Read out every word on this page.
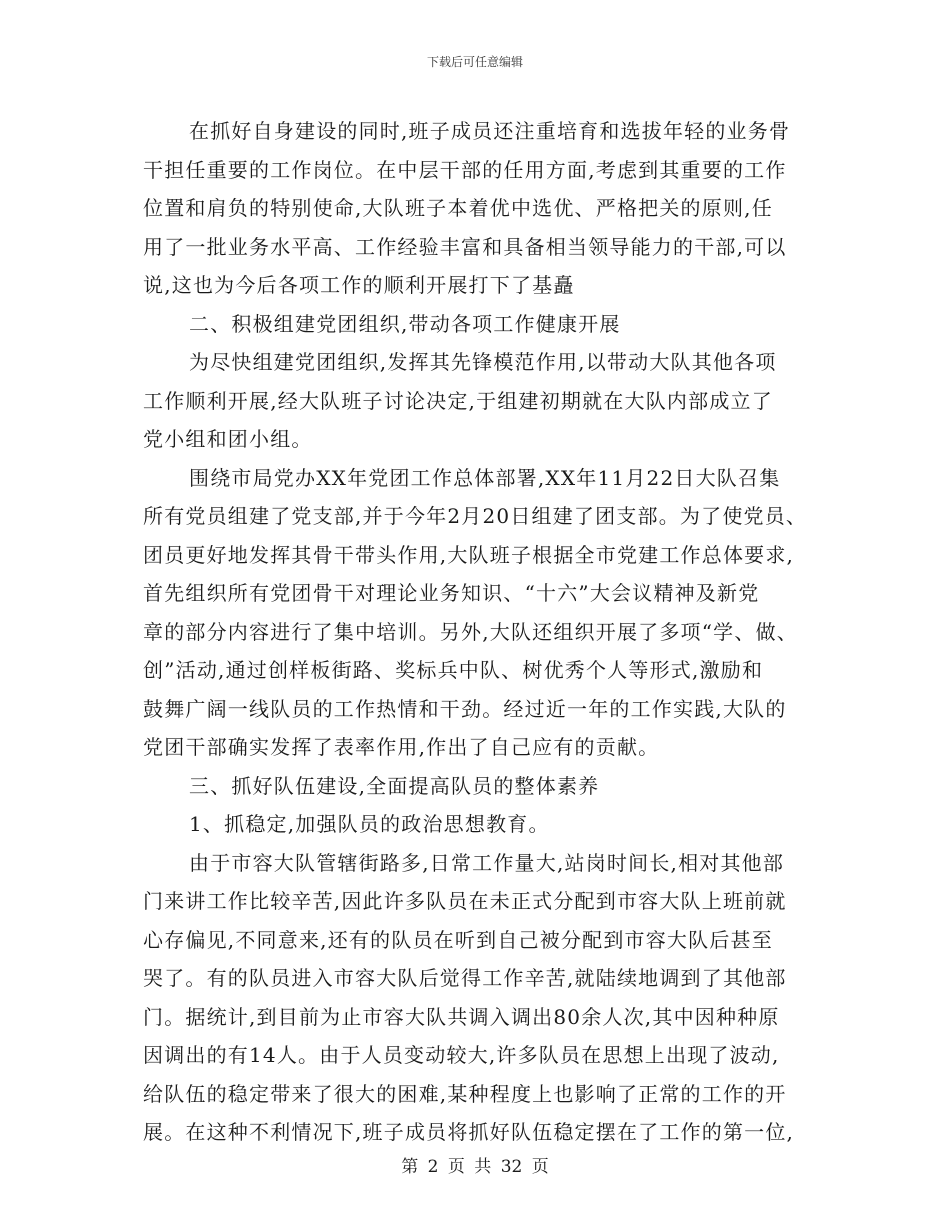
下载后可任意编辑
在抓好自身建设的同时,班子成员还注重培育和选拔年轻的业务骨
干担任重要的工作岗位。在中层干部的任用方面,考虑到其重要的工作
位置和肩负的特别使命,大队班子本着优中选优、严格把关的原则,任
用了一批业务水平高、工作经验丰富和具备相当领导能力的干部,可以
说,这也为今后各项工作的顺利开展打下了基矗
二、积极组建党团组织,带动各项工作健康开展
为尽快组建党团组织,发挥其先锋模范作用,以带动大队其他各项
工作顺利开展,经大队班子讨论决定,于组建初期就在大队内部成立了
党小组和团小组。
围绕市局党办XX年党团工作总体部署,XX年11月22日大队召集
所有党员组建了党支部,并于今年2月20日组建了团支部。为了使党员、
团员更好地发挥其骨干带头作用,大队班子根据全市党建工作总体要求,
首先组织所有党团骨干对理论业务知识、“十六”大会议精神及新党
章的部分内容进行了集中培训。另外,大队还组织开展了多项“学、做、
创”活动,通过创样板街路、奖标兵中队、树优秀个人等形式,激励和
鼓舞广阔一线队员的工作热情和干劲。经过近一年的工作实践,大队的
党团干部确实发挥了表率作用,作出了自己应有的贡献。
三、抓好队伍建设,全面提高队员的整体素养
1、抓稳定,加强队员的政治思想教育。
由于市容大队管辖街路多,日常工作量大,站岗时间长,相对其他部
门来讲工作比较辛苦,因此许多队员在未正式分配到市容大队上班前就
心存偏见,不同意来,还有的队员在听到自己被分配到市容大队后甚至
哭了。有的队员进入市容大队后觉得工作辛苦,就陆续地调到了其他部
门。据统计,到目前为止市容大队共调入调出80余人次,其中因种种原
因调出的有14人。由于人员变动较大,许多队员在思想上出现了波动,
给队伍的稳定带来了很大的困难,某种程度上也影响了正常的工作的开
展。在这种不利情况下,班子成员将抓好队伍稳定摆在了工作的第一位,
第 2 页 共 32 页
